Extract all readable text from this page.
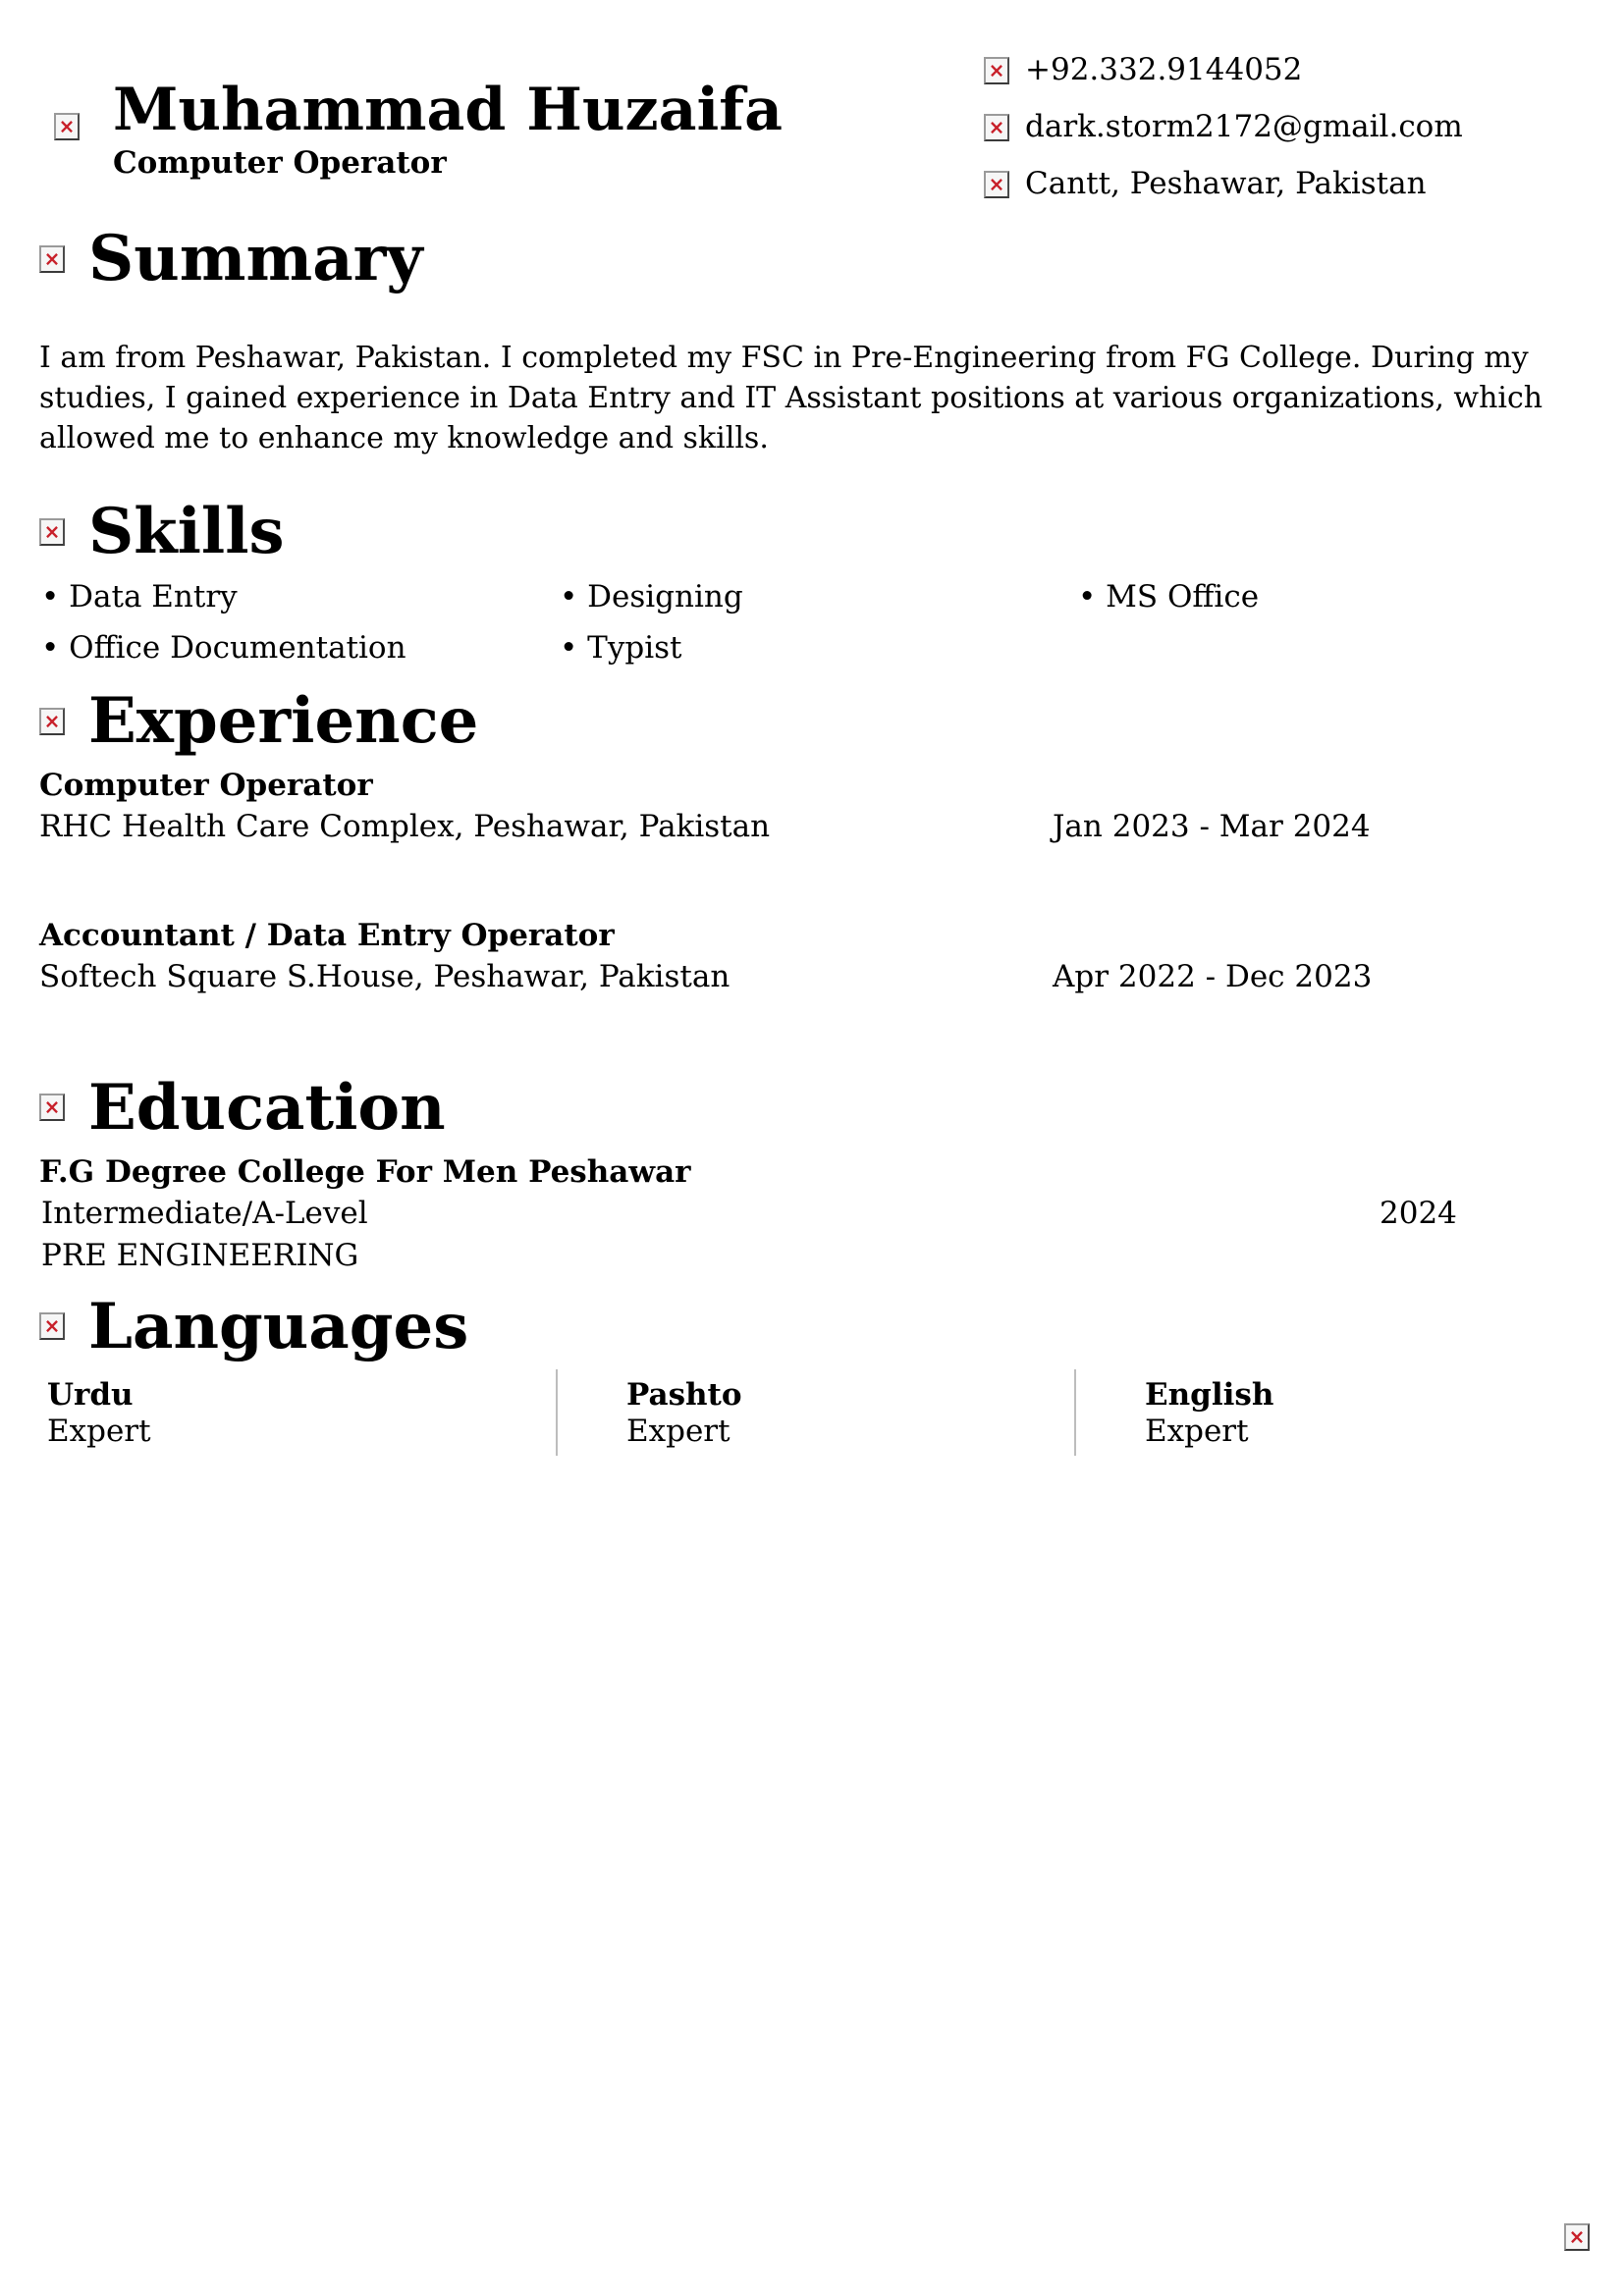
×
Muhammad Huzaifa
Computer Operator
×
+92.332.9144052
×
dark.storm2172@gmail.com
×
Cantt, Peshawar, Pakistan
×
Summary
I am from Peshawar, Pakistan. I completed my FSC in Pre-Engineering from FG College. During my studies, I gained experience in Data Entry and IT Assistant positions at various organizations, which allowed me to enhance my knowledge and skills.
×
Skills
• Data Entry	• Designing	• MS Office
• Office Documentation	• Typist
×
Experience
Computer Operator
RHC Health Care Complex, Peshawar, Pakistan	Jan 2023 - Mar 2024
Accountant / Data Entry Operator
Softech Square S.House, Peshawar, Pakistan	Apr 2022 - Dec 2023
×
Education
F.G Degree College For Men Peshawar
Intermediate/A-Level	2024
PRE ENGINEERING
×
Languages
Urdu
Expert
Pashto
Expert
English
Expert
×
